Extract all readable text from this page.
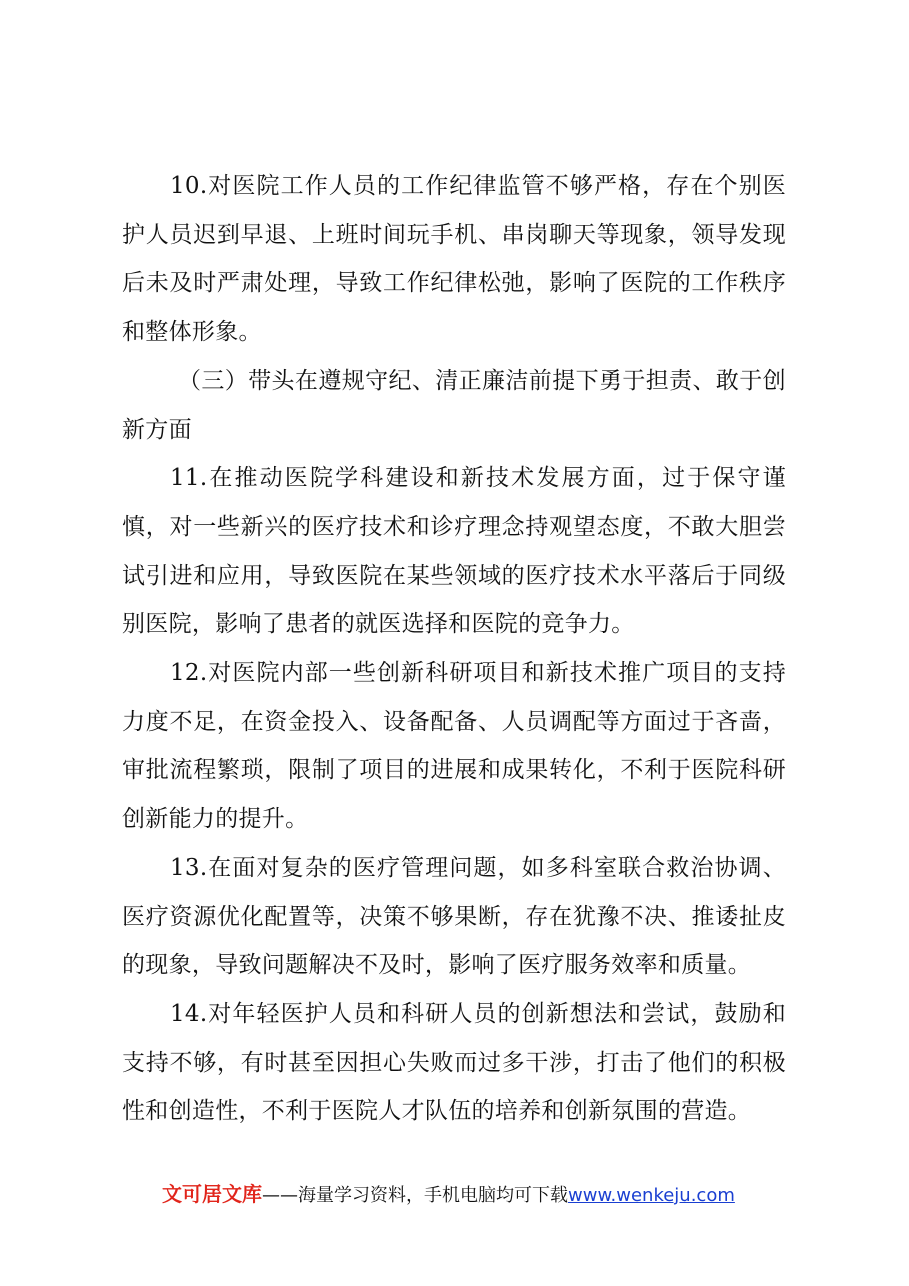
10.对医院工作人员的工作纪律监管不够严格，存在个别医护人员迟到早退、上班时间玩手机、串岗聊天等现象，领导发现后未及时严肃处理，导致工作纪律松弛，影响了医院的工作秩序和整体形象。

（三）带头在遵规守纪、清正廉洁前提下勇于担责、敢于创新方面

11.在推动医院学科建设和新技术发展方面，过于保守谨慎，对一些新兴的医疗技术和诊疗理念持观望态度，不敢大胆尝试引进和应用，导致医院在某些领域的医疗技术水平落后于同级别医院，影响了患者的就医选择和医院的竞争力。

12.对医院内部一些创新科研项目和新技术推广项目的支持力度不足，在资金投入、设备配备、人员调配等方面过于吝啬，审批流程繁琐，限制了项目的进展和成果转化，不利于医院科研创新能力的提升。

13.在面对复杂的医疗管理问题，如多科室联合救治协调、医疗资源优化配置等，决策不够果断，存在犹豫不决、推诿扯皮的现象，导致问题解决不及时，影响了医疗服务效率和质量。

14.对年轻医护人员和科研人员的创新想法和尝试，鼓励和支持不够，有时甚至因担心失败而过多干涉，打击了他们的积极性和创造性，不利于医院人才队伍的培养和创新氛围的营造。

文可居文库——海量学习资料，手机电脑均可下载www.wenkeju.com
